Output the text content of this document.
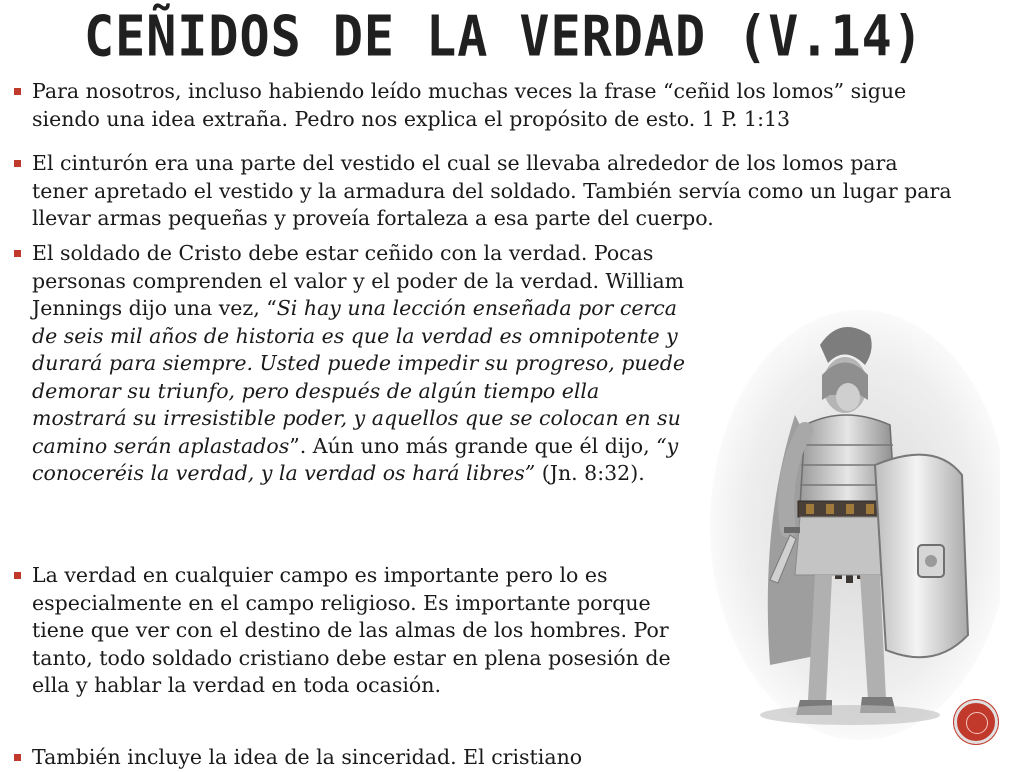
CEÑIDOS DE LA VERDAD (V.14)
Para nosotros, incluso habiendo leído muchas veces la frase “ceñid los lomos” sigue siendo una idea extraña. Pedro nos explica el propósito de esto. 1 P. 1:13
El cinturón era una parte del vestido el cual se llevaba alrededor de los lomos para tener apretado el vestido y la armadura del soldado. También servía como un lugar para llevar armas pequeñas y proveía fortaleza a esa parte del cuerpo.
El soldado de Cristo debe estar ceñido con la verdad. Pocas personas comprenden el valor y el poder de la verdad. William Jennings dijo una vez, “Si hay una lección enseñada por cerca de seis mil años de historia es que la verdad es omnipotente y durará para siempre. Usted puede impedir su progreso, puede demorar su triunfo, pero después de algún tiempo ella mostrará su irresistible poder, y aquellos que se colocan en su camino serán aplastados”. Aún uno más grande que él dijo, “y conoceréis la verdad, y la verdad os hará libres” (Jn. 8:32).
La verdad en cualquier campo es importante pero lo es especialmente en el campo religioso. Es importante porque tiene que ver con el destino de las almas de los hombres. Por tanto, todo soldado cristiano debe estar en plena posesión de ella y hablar la verdad en toda ocasión.
También incluye la idea de la sinceridad. El cristiano
